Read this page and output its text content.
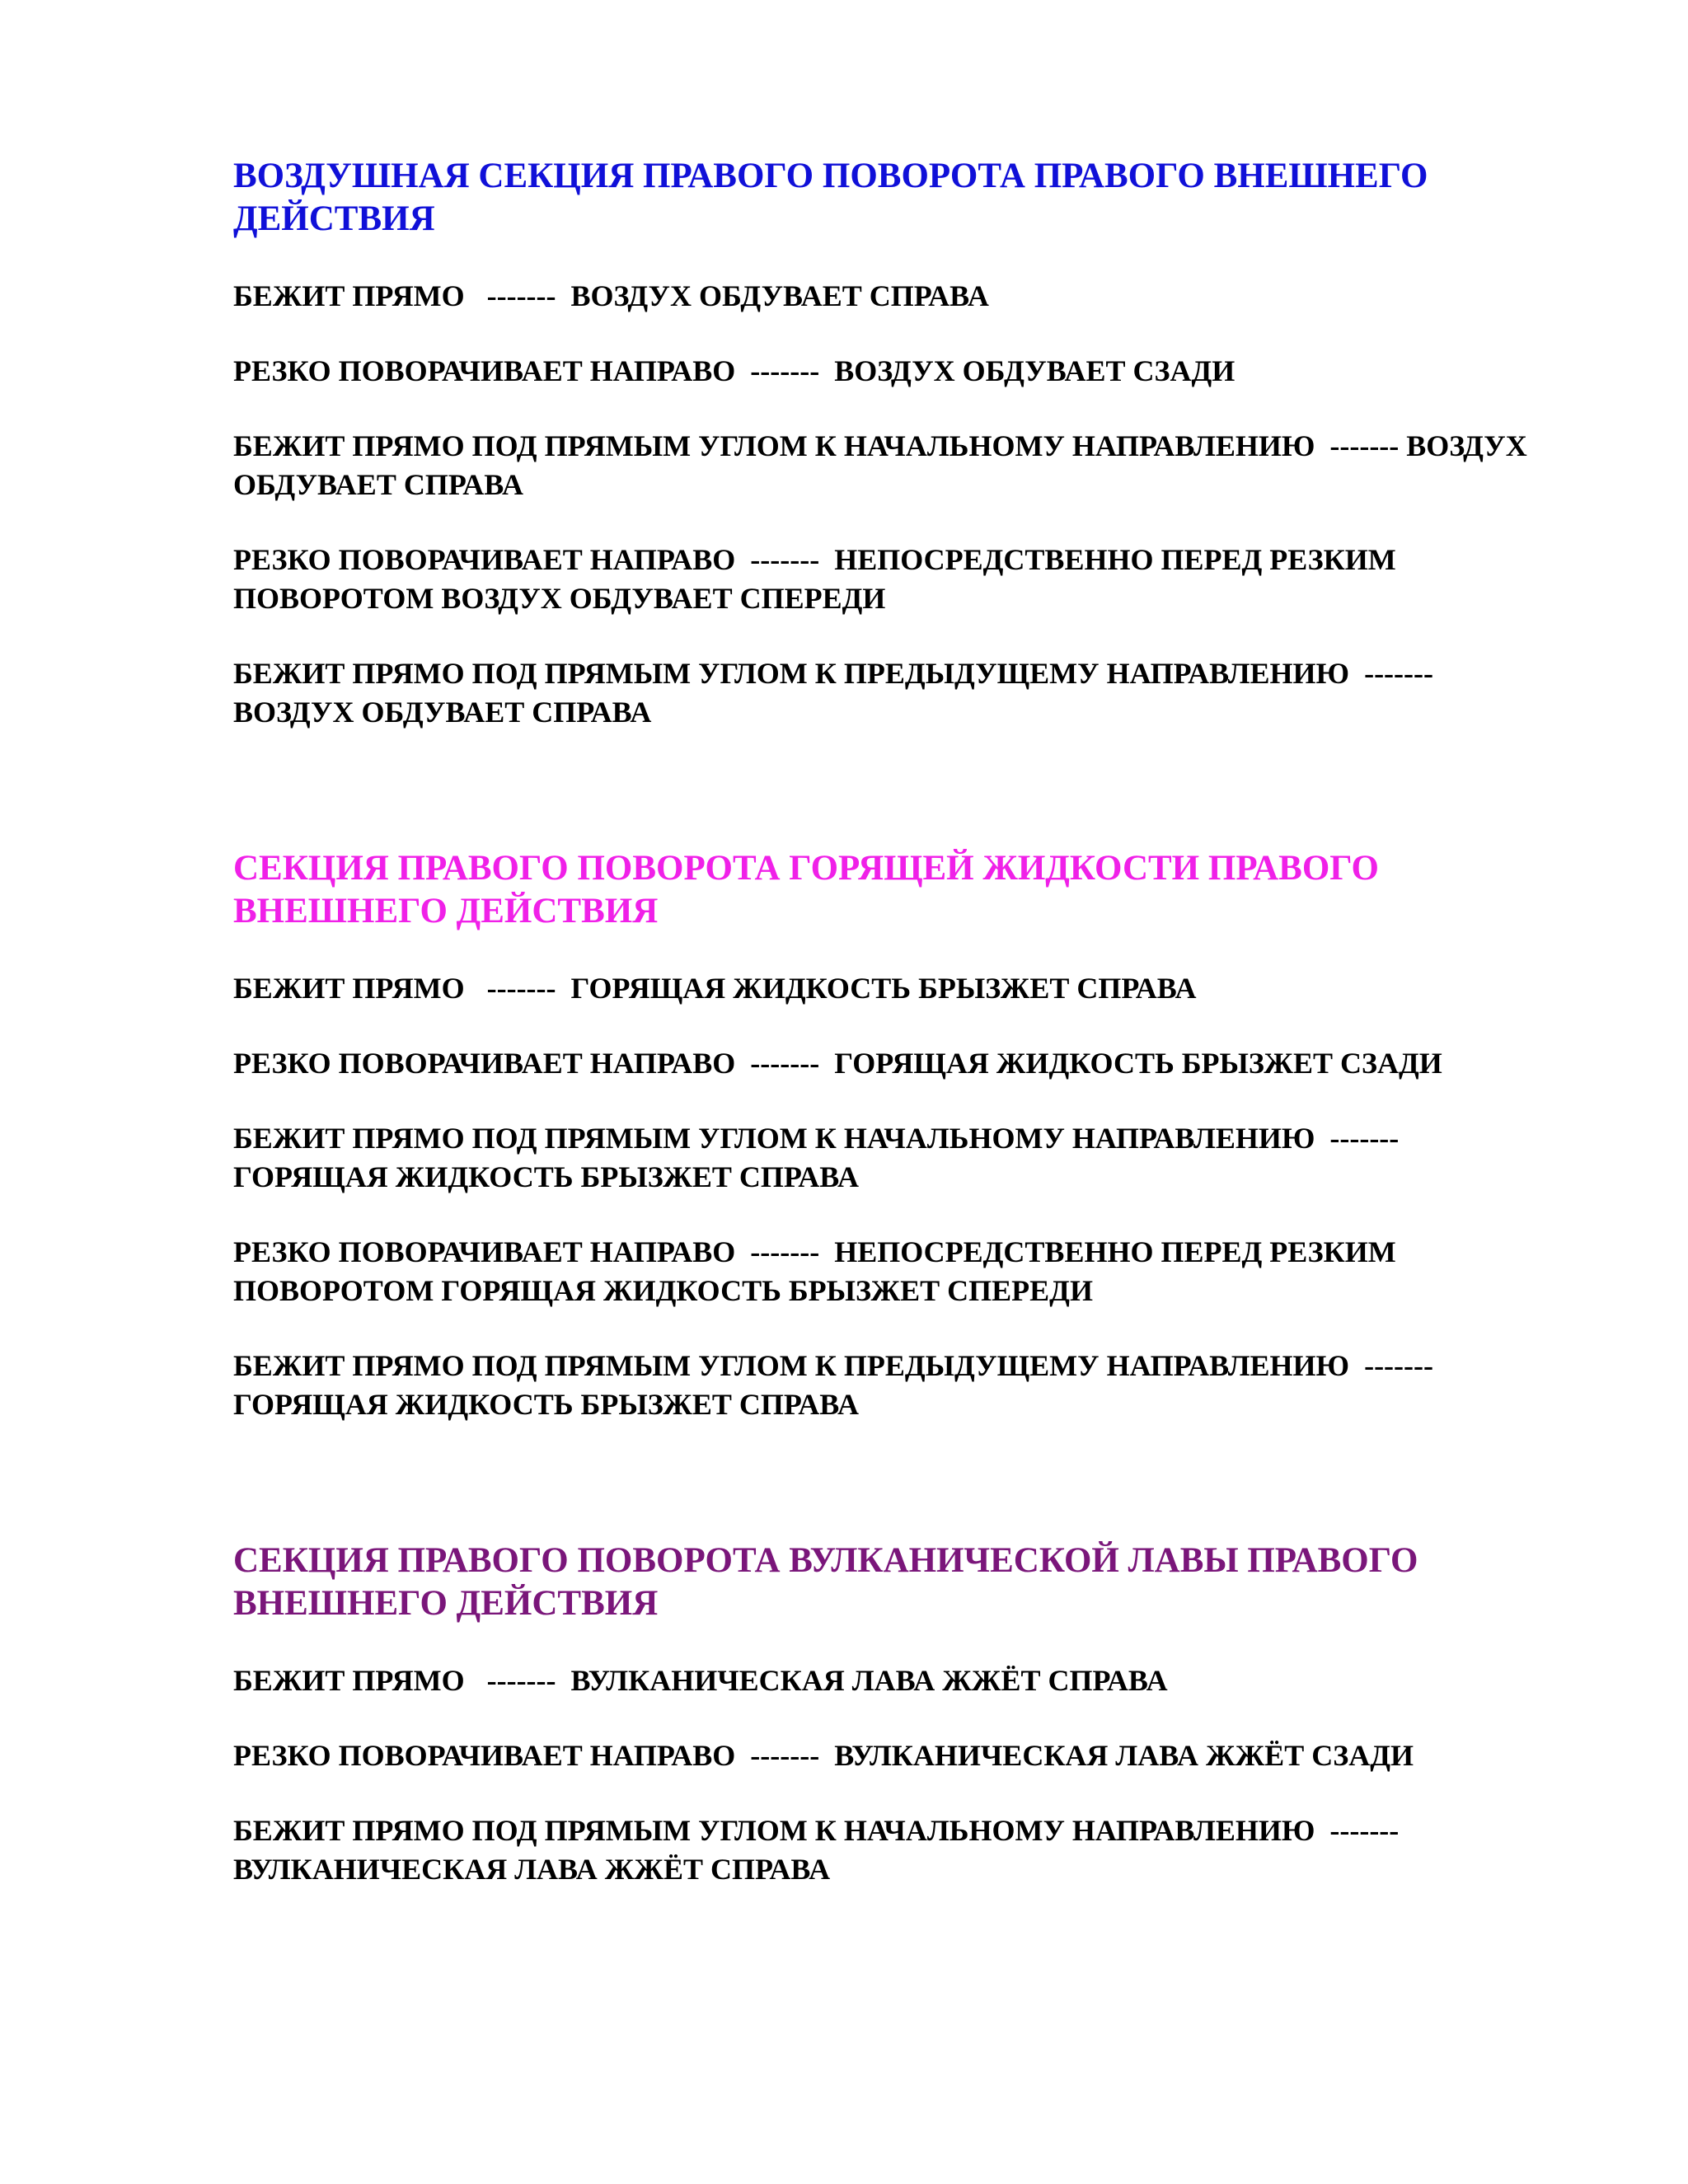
ВОЗДУШНАЯ СЕКЦИЯ ПРАВОГО ПОВОРОТА ПРАВОГО ВНЕШНЕГО ДЕЙСТВИЯ

БЕЖИТ ПРЯМО   -------  ВОЗДУХ ОБДУВАЕТ СПРАВА

РЕЗКО ПОВОРАЧИВАЕТ НАПРАВО  -------  ВОЗДУХ ОБДУВАЕТ СЗАДИ

БЕЖИТ ПРЯМО ПОД ПРЯМЫМ УГЛОМ К НАЧАЛЬНОМУ НАПРАВЛЕНИЮ  ------- ВОЗДУХ ОБДУВАЕТ СПРАВА

РЕЗКО ПОВОРАЧИВАЕТ НАПРАВО  -------  НЕПОСРЕДСТВЕННО ПЕРЕД РЕЗКИМ ПОВОРОТОМ ВОЗДУХ ОБДУВАЕТ СПЕРЕДИ

БЕЖИТ ПРЯМО ПОД ПРЯМЫМ УГЛОМ К ПРЕДЫДУЩЕМУ НАПРАВЛЕНИЮ  ------- ВОЗДУХ ОБДУВАЕТ СПРАВА

СЕКЦИЯ ПРАВОГО ПОВОРОТА ГОРЯЩЕЙ ЖИДКОСТИ ПРАВОГО ВНЕШНЕГО ДЕЙСТВИЯ

БЕЖИТ ПРЯМО   -------  ГОРЯЩАЯ ЖИДКОСТЬ БРЫЗЖЕТ СПРАВА

РЕЗКО ПОВОРАЧИВАЕТ НАПРАВО  -------  ГОРЯЩАЯ ЖИДКОСТЬ БРЫЗЖЕТ СЗАДИ

БЕЖИТ ПРЯМО ПОД ПРЯМЫМ УГЛОМ К НАЧАЛЬНОМУ НАПРАВЛЕНИЮ  ------- ГОРЯЩАЯ ЖИДКОСТЬ БРЫЗЖЕТ СПРАВА

РЕЗКО ПОВОРАЧИВАЕТ НАПРАВО  -------  НЕПОСРЕДСТВЕННО ПЕРЕД РЕЗКИМ ПОВОРОТОМ ГОРЯЩАЯ ЖИДКОСТЬ БРЫЗЖЕТ СПЕРЕДИ

БЕЖИТ ПРЯМО ПОД ПРЯМЫМ УГЛОМ К ПРЕДЫДУЩЕМУ НАПРАВЛЕНИЮ  ------- ГОРЯЩАЯ ЖИДКОСТЬ БРЫЗЖЕТ СПРАВА

СЕКЦИЯ ПРАВОГО ПОВОРОТА ВУЛКАНИЧЕСКОЙ ЛАВЫ ПРАВОГО ВНЕШНЕГО ДЕЙСТВИЯ

БЕЖИТ ПРЯМО   -------  ВУЛКАНИЧЕСКАЯ ЛАВА ЖЖЁТ СПРАВА

РЕЗКО ПОВОРАЧИВАЕТ НАПРАВО  -------  ВУЛКАНИЧЕСКАЯ ЛАВА ЖЖЁТ СЗАДИ

БЕЖИТ ПРЯМО ПОД ПРЯМЫМ УГЛОМ К НАЧАЛЬНОМУ НАПРАВЛЕНИЮ  ------- ВУЛКАНИЧЕСКАЯ ЛАВА ЖЖЁТ СПРАВА
